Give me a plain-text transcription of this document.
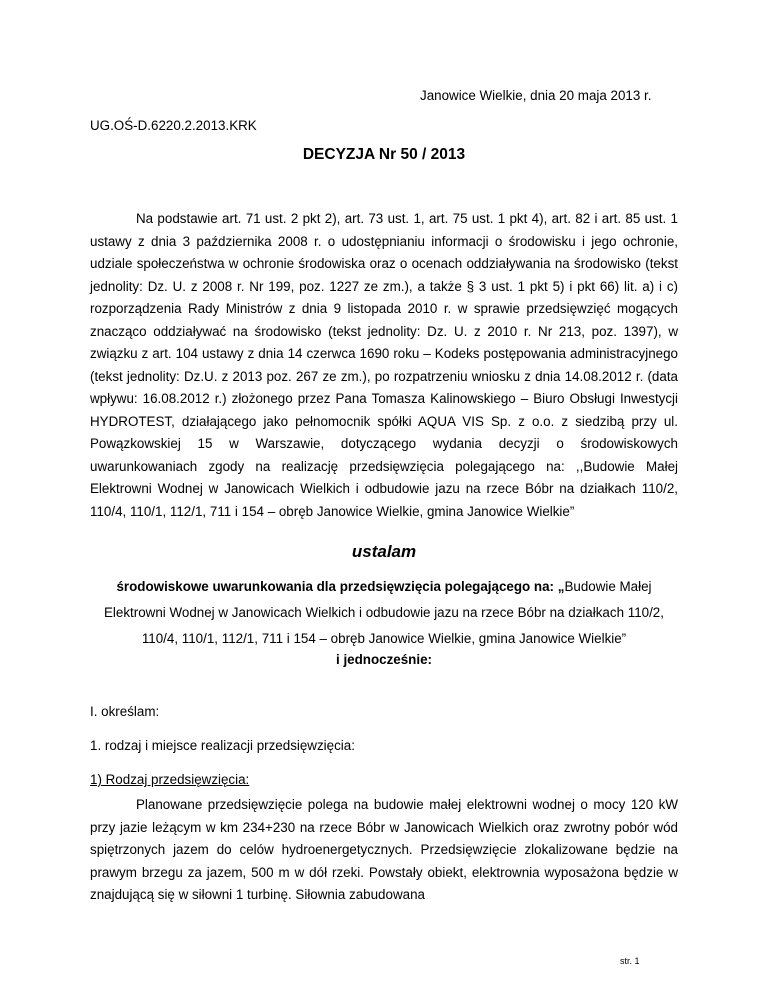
Janowice Wielkie, dnia 20 maja 2013 r.
UG.OŚ-D.6220.2.2013.KRK
DECYZJA Nr 50 / 2013
Na podstawie art. 71 ust. 2 pkt 2), art. 73 ust. 1, art. 75 ust. 1 pkt 4), art. 82 i art. 85 ust. 1 ustawy z dnia 3 października 2008 r. o udostępnianiu informacji o środowisku i jego ochronie, udziale społeczeństwa w ochronie środowiska oraz o ocenach oddziaływania na środowisko (tekst jednolity: Dz. U. z 2008 r. Nr 199, poz. 1227 ze zm.), a także § 3 ust. 1 pkt 5) i pkt 66) lit. a) i c) rozporządzenia Rady Ministrów z dnia 9 listopada 2010 r. w sprawie przedsięwzięć mogących znacząco oddziaływać na środowisko (tekst jednolity: Dz. U. z 2010 r. Nr 213, poz. 1397), w związku z art. 104 ustawy z dnia 14 czerwca 1690 roku – Kodeks postępowania administracyjnego (tekst jednolity: Dz.U. z 2013 poz. 267 ze zm.), po rozpatrzeniu wniosku z dnia 14.08.2012 r. (data wpływu: 16.08.2012 r.) złożonego przez Pana Tomasza Kalinowskiego – Biuro Obsługi Inwestycji HYDROTEST, działającego jako pełnomocnik spółki AQUA VIS Sp. z o.o. z siedzibą przy ul. Powązkowskiej 15 w Warszawie, dotyczącego wydania decyzji o środowiskowych uwarunkowaniach zgody na realizację przedsięwzięcia polegającego na: ,,Budowie Małej Elektrowni Wodnej w Janowicach Wielkich i odbudowie jazu na rzece Bóbr na działkach 110/2, 110/4, 110/1, 112/1, 711 i 154 – obręb Janowice Wielkie, gmina Janowice Wielkie”
ustalam
środowiskowe uwarunkowania dla przedsięwzięcia polegającego na: „Budowie Małej Elektrowni Wodnej w Janowicach Wielkich i odbudowie jazu na rzece Bóbr na działkach 110/2, 110/4, 110/1, 112/1, 711 i 154 – obręb Janowice Wielkie, gmina Janowice Wielkie”
i jednocześnie:
I. określam:
1. rodzaj i miejsce realizacji przedsięwzięcia:
1) Rodzaj przedsięwzięcia:
Planowane przedsięwzięcie polega na budowie małej elektrowni wodnej o mocy 120 kW przy jazie leżącym w km 234+230 na rzece Bóbr w Janowicach Wielkich oraz zwrotny pobór wód spiętrzonych jazem do celów hydroenergetycznych. Przedsięwzięcie zlokalizowane będzie na prawym brzegu za jazem, 500 m w dół rzeki. Powstały obiekt, elektrownia wyposażona będzie w znajdującą się w siłowni 1 turbinę. Siłownia zabudowana
str. 1
